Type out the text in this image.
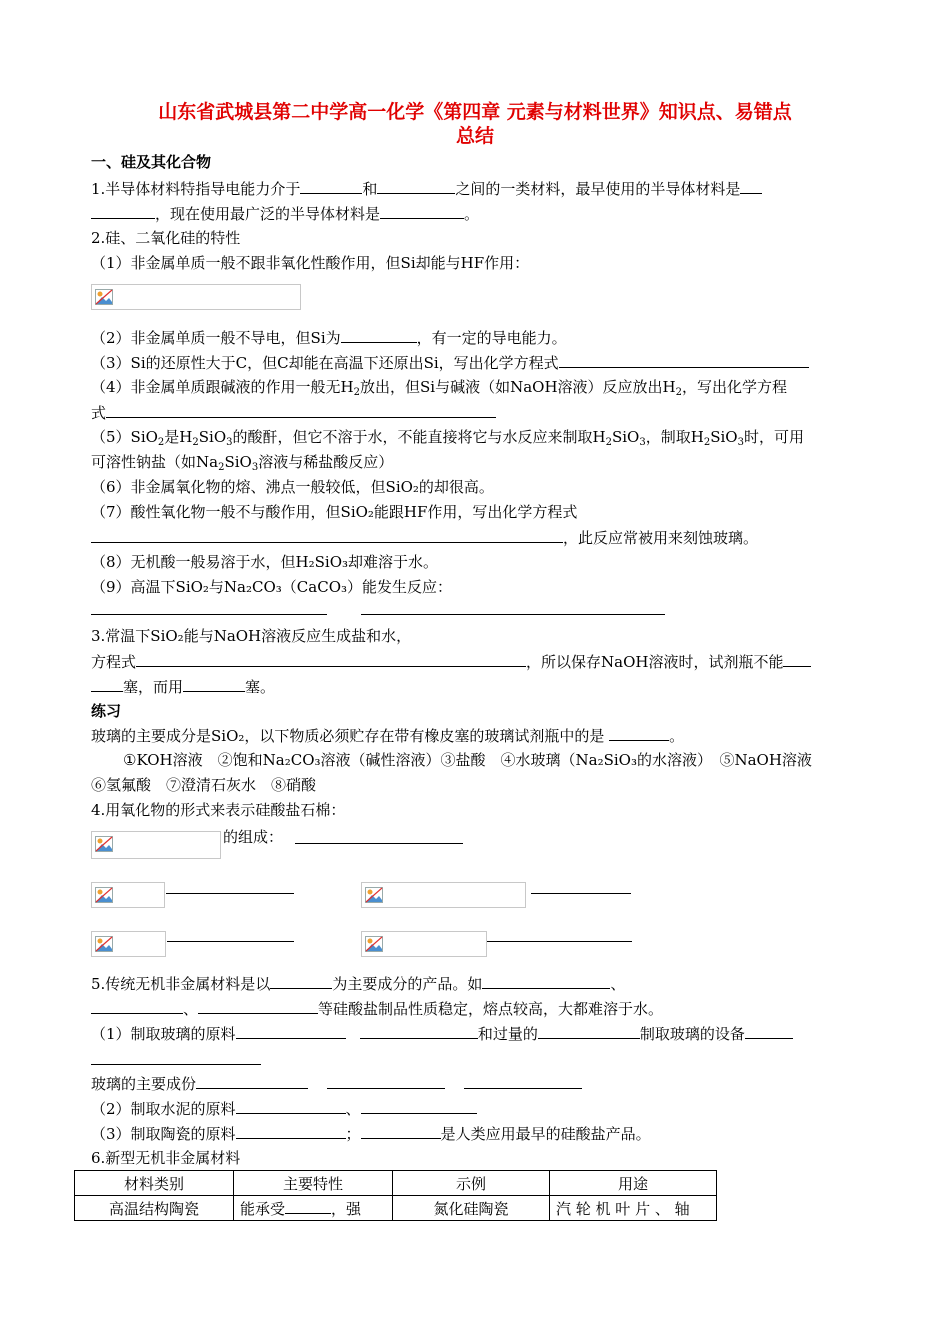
山东省武城县第二中学高一化学《第四章 元素与材料世界》知识点、易错点
总结
一、硅及其化合物
1.半导体材料特指导电能力介于	和	之间的一类材料，最早使用的半导体材料是
，现在使用最广泛的半导体材料是	。
2.硅、二氧化硅的特性
（1）非金属单质一般不跟非氧化性酸作用，但Si却能与HF作用：
（2）非金属单质一般不导电，但Si为	，有一定的导电能力。
（3）Si的还原性大于C，但C却能在高温下还原出Si，写出化学方程式
（4）非金属单质跟碱液的作用一般无$H_2$放出，但Si与碱液（如NaOH溶液）反应放出$H_2$，写出化学方程
式
（5）SiO$_2$是$H_2SiO_3$的酸酐，但它不溶于水，不能直接将它与水反应来制取$H_2SiO_3$，制取$H_2SiO_3$时，可用
可溶性钠盐（如$Na_2SiO_3$溶液与稀盐酸反应）
（6）非金属氧化物的熔、沸点一般较低，但SiO₂的却很高。
（7）酸性氧化物一般不与酸作用，但SiO₂能跟HF作用，写出化学方程式
，此反应常被用来刻蚀玻璃。
（8）无机酸一般易溶于水，但H₂SiO₃却难溶于水。
（9）高温下SiO₂与Na₂CO₃（CaCO₃）能发生反应：
3.常温下SiO₂能与NaOH溶液反应生成盐和水，
方程式	，所以保存NaOH溶液时，试剂瓶不能
塞，而用	塞。
练习
玻璃的主要成分是SiO₂，以下物质必须贮存在带有橡皮塞的玻璃试剂瓶中的是	。
①KOH溶液　②饱和Na₂CO₃溶液（碱性溶液）③盐酸　④水玻璃（Na₂SiO₃的水溶液）　⑤NaOH溶液
⑥氢氟酸　⑦澄清石灰水　⑧硝酸
4.用氧化物的形式来表示硅酸盐石棉：
的组成：
5.传统无机非金属材料是以	为主要成分的产品。如	、
、	等硅酸盐制品性质稳定，熔点较高，大都难溶于水。
（1）制取玻璃的原料	和过量的	制取玻璃的设备
玻璃的主要成份
（2）制取水泥的原料	、
（3）制取陶瓷的原料	；	是人类应用最早的硅酸盐产品。
6.新型无机非金属材料
材料类别	主要特性	示例	用途
高温结构陶瓷	能承受 ，强	氮化硅陶瓷	汽 轮 机 叶 片 、 轴
